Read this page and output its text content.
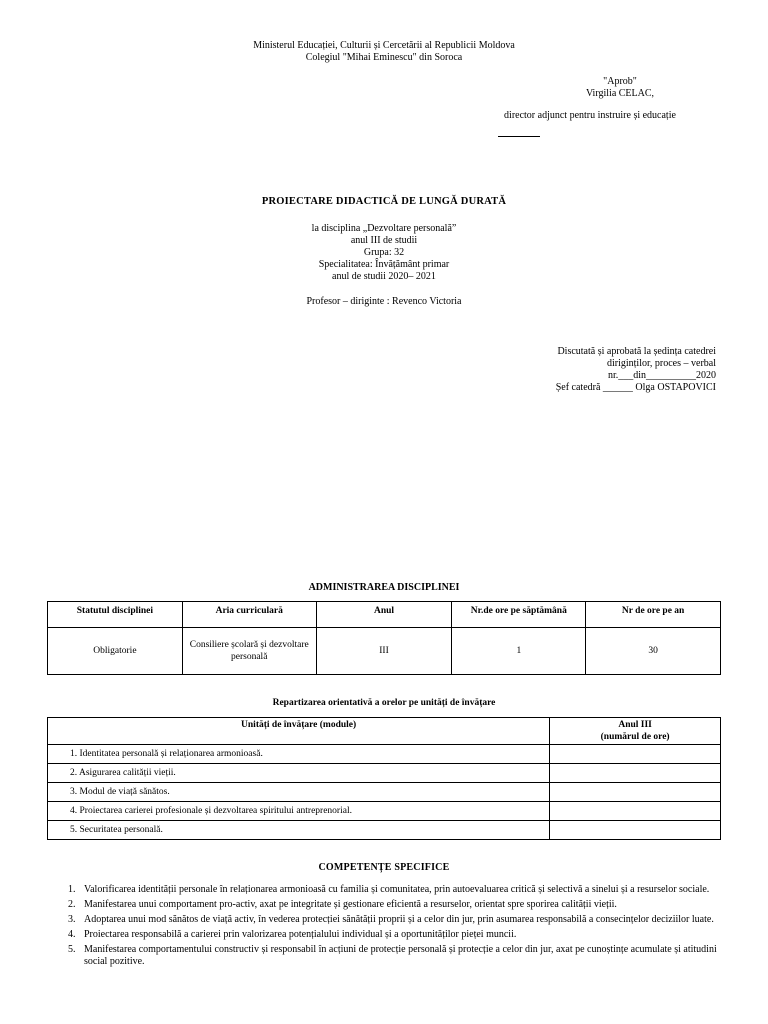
Ministerul Educației, Culturii și Cercetării al Republicii Moldova
Colegiul "Mihai Eminescu" din Soroca
"Aprob"
Virgilia CELAC,
director adjunct pentru instruire și educație
PROIECTARE DIDACTICĂ DE LUNGĂ DURATĂ
la disciplina „Dezvoltare personală”
anul III de studii
Grupa: 32
Specialitatea: Învățământ primar
anul de studii 2020– 2021
Profesor – diriginte : Revenco Victoria
Discutată și aprobată la ședința catedrei
diriginților, proces – verbal
nr.___din__________2020
Șef catedră ______ Olga OSTAPOVICI
ADMINISTRAREA DISCIPLINEI
Statutul disciplinei	Aria curriculară	Anul	Nr.de ore pe săptămână	Nr de ore pe an
Obligatorie	Consiliere școlară și dezvoltare personală	III	1	30
Repartizarea orientativă a orelor pe unități de învățare
Unități de învățare (module)	Anul III
(numărul de ore)

1. Identitatea personală și relaționarea armonioasă.	
2. Asigurarea calității vieții.	
3. Modul de viață sănătos.	
4. Proiectarea carierei profesionale și dezvoltarea spiritului antreprenorial.	
5. Securitatea personală.	
COMPETENȚE SPECIFICE
1. Valorificarea identității personale în relaționarea armonioasă cu familia și comunitatea, prin autoevaluarea critică și selectivă a sinelui și a resurselor sociale.
2. Manifestarea unui comportament pro-activ, axat pe integritate și gestionare eficientă a resurselor, orientat spre sporirea calității vieții.
3. Adoptarea unui mod sănătos de viață activ, în vederea protecției sănătății proprii și a celor din jur, prin asumarea responsabilă a consecințelor deciziilor luate.
4. Proiectarea responsabilă a carierei prin valorizarea potențialului individual și a oportunităților pieței muncii.
5. Manifestarea comportamentului constructiv și responsabil în acțiuni de protecție personală și protecție a celor din jur, axat pe cunoștințe acumulate și atitudini social pozitive.
